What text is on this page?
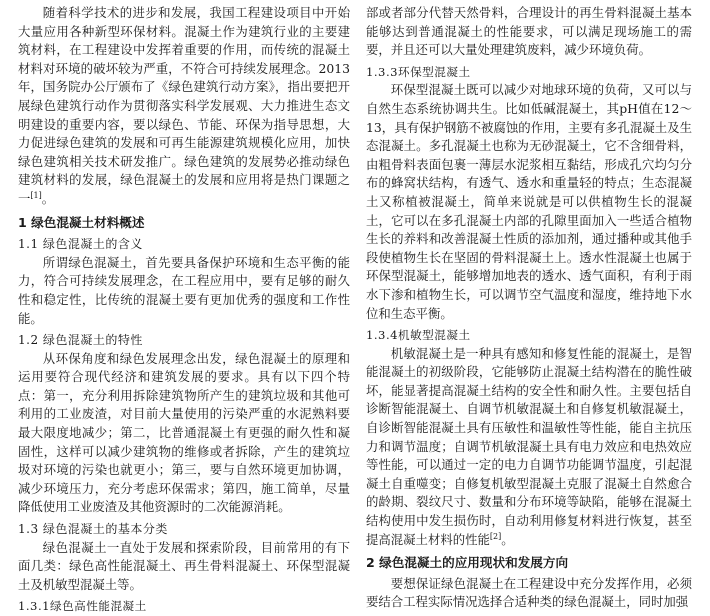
随着科学技术的进步和发展，我国工程建设项目中开始大量应用各种新型环保材料。混凝土作为建筑行业的主要建筑材料，在工程建设中发挥着重要的作用，而传统的混凝土材料对环境的破坏较为严重，不符合可持续发展理念。2013年，国务院办公厅颁布了《绿色建筑行动方案》，指出要把开展绿色建筑行动作为贯彻落实科学发展观、大力推进生态文明建设的重要内容，要以绿色、节能、环保为指导思想，大力促进绿色建筑的发展和可再生能源建筑规模化应用，加快绿色建筑相关技术研发推广。绿色建筑的发展势必推动绿色建筑材料的发展，绿色混凝土的发展和应用将是热门课题之一[1]。

1 绿色混凝土材料概述
1.1 绿色混凝土的含义

所谓绿色混凝土，首先要具备保护环境和生态平衡的能力，符合可持续发展理念，在工程应用中，要有足够的耐久性和稳定性，比传统的混凝土要有更加优秀的强度和工作性能。

1.2 绿色混凝土的特性

从环保角度和绿色发展理念出发，绿色混凝土的原理和运用要符合现代经济和建筑发展的要求。具有以下四个特点：第一，充分利用拆除建筑物所产生的建筑垃圾和其他可利用的工业废渣，对目前大量使用的污染严重的水泥熟料要最大限度地减少；第二，比普通混凝土有更强的耐久性和凝固性，这样可以减少建筑物的维修或者拆除，产生的建筑垃圾对环境的污染也就更小；第三，要与自然环境更加协调，减少环境压力，充分考虑环保需求；第四，施工简单，尽量降低使用工业废渣及其他资源时的二次能源消耗。

1.3 绿色混凝土的基本分类

绿色混凝土一直处于发展和探索阶段，目前常用的有下面几类：绿色高性能混凝土、再生骨料混凝土、环保型混凝土及机敏型混凝土等。

1.3.1绿色高性能混凝土

部或者部分代替天然骨料，合理设计的再生骨料混凝土基本能够达到普通混凝土的性能要求，可以满足现场施工的需要，并且还可以大量处理建筑废料，减少环境负荷。

1.3.3环保型混凝土

环保型混凝土既可以减少对地球环境的负荷，又可以与自然生态系统协调共生。比如低碱混凝土，其pH值在12～13，具有保护钢筋不被腐蚀的作用，主要有多孔混凝土及生态混凝土。多孔混凝土也称为无砂混凝土，它不含细骨料，由粗骨料表面包裹一薄层水泥浆相互黏结，形成孔穴均匀分布的蜂窝状结构，有透气、透水和重量轻的特点；生态混凝土又称植被混凝土，简单来说就是可以供植物生长的混凝土，它可以在多孔混凝土内部的孔隙里面加入一些适合植物生长的养料和改善混凝土性质的添加剂，通过播种或其他手段使植物生长在坚固的骨料混凝土上。透水性混凝土也属于环保型混凝土，能够增加地表的透水、透气面积，有利于雨水下渗和植物生长，可以调节空气温度和湿度，维持地下水位和生态平衡。

1.3.4机敏型混凝土

机敏混凝土是一种具有感知和修复性能的混凝土，是智能混凝土的初级阶段，它能够防止混凝土结构潜在的脆性破坏，能显著提高混凝土结构的安全性和耐久性。主要包括自诊断智能混凝土、自调节机敏混凝土和自修复机敏混凝土，自诊断智能混凝土具有压敏性和温敏性等性能，能自主抗压力和调节温度；自调节机敏混凝土具有电力效应和电热效应等性能，可以通过一定的电力自调节功能调节温度，引起混凝土自重噬变；自修复机敏型混凝土克服了混凝土自然愈合的龄期、裂纹尺寸、数量和分布环境等缺陷，能够在混凝土结构使用中发生损伤时，自动利用修复材料进行恢复，甚至提高混凝土材料的性能[2]。

2 绿色混凝土的应用现状和发展方向

要想保证绿色混凝土在工程建设中充分发挥作用，必须要结合工程实际情况选择合适种类的绿色混凝土，同时加强
